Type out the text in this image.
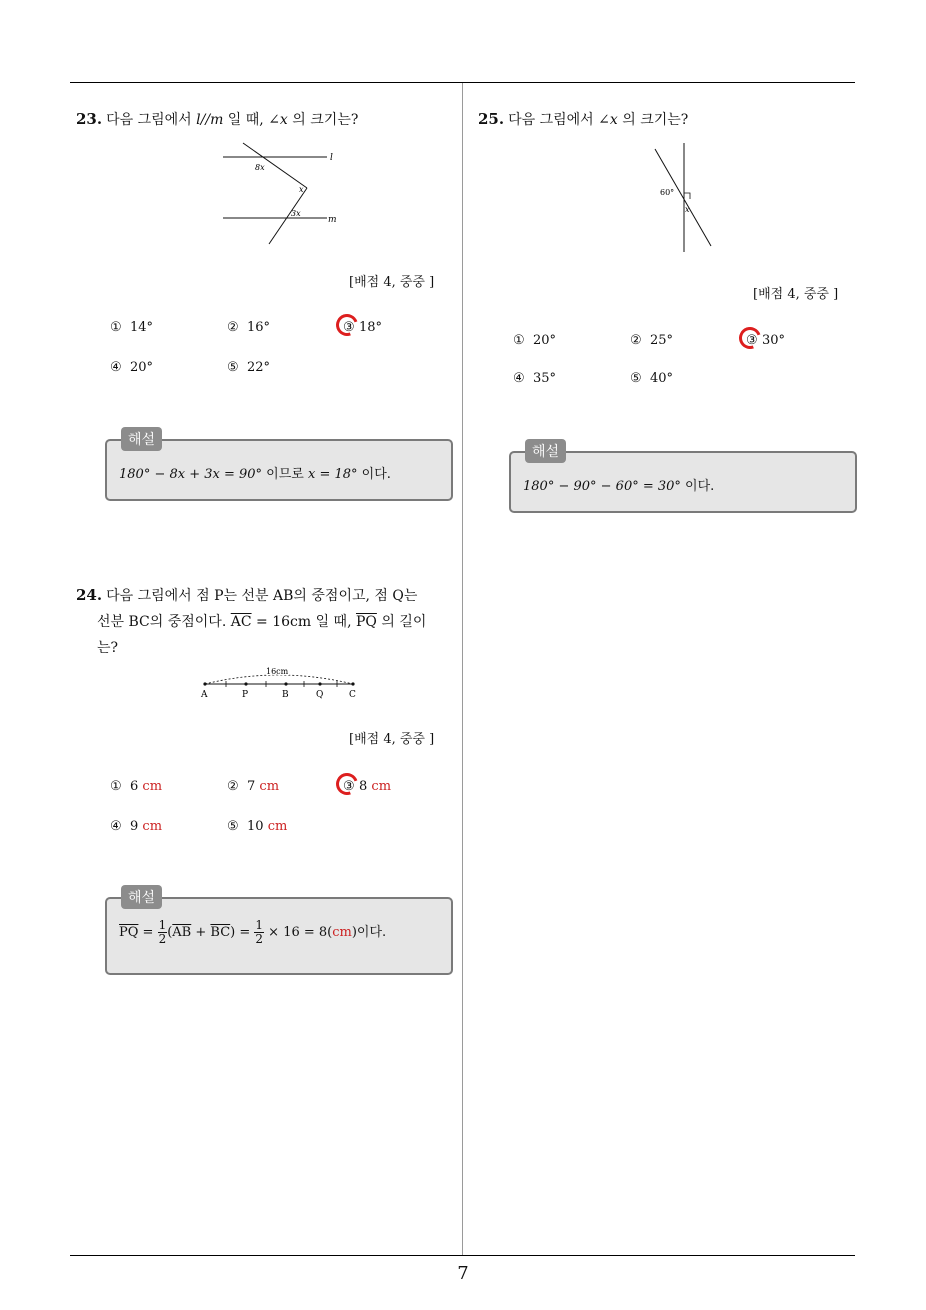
23. 다음 그림에서 l//m 일 때, ∠x 의 크기는?
l
m
8x
x
3x
[배점 4, 중중 ]
① 14°	② 16°	③ 18°
④ 20°	⑤ 22°
해설
180° − 8x + 3x = 90° 이므로 x = 18° 이다.
24. 다음 그림에서 점 P는 선분 AB의 중점이고, 점 Q는
선분 BC의 중점이다. $\overline{AC} = 16cm$ 일 때, $\overline{PQ}$ 의 길이
는?
16cm
A	P	B	Q	C
[배점 4, 중중 ]
① 6 cm	② 7 cm	③ 8 cm
④ 9 cm	⑤ 10 cm
해설
$\overline{PQ} = \frac{1}{2} (\overline{AB} + \overline{BC}) = \frac{1}{2} \times 16 = 8(cm)$이다.
25. 다음 그림에서 ∠x 의 크기는?
60°
x
[배점 4, 중중 ]
① 20°	② 25°	③ 30°
④ 35°	⑤ 40°
해설
180° − 90° − 60° = 30° 이다.
7
